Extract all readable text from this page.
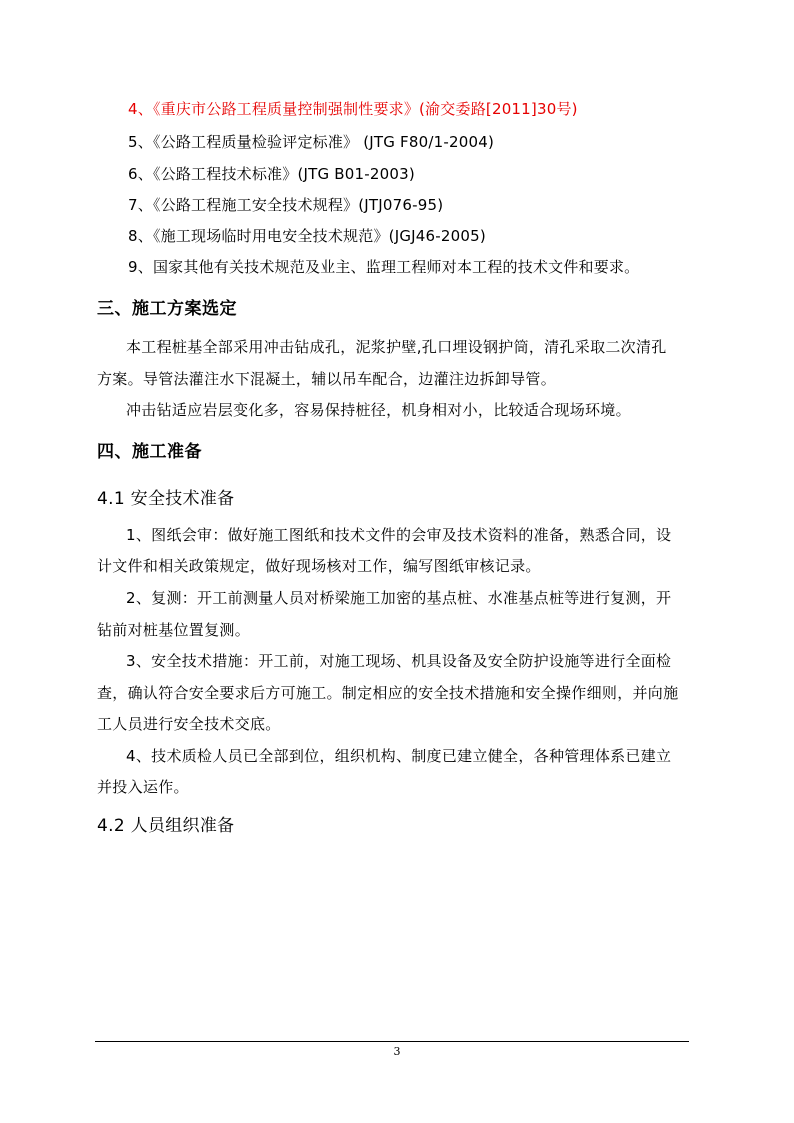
4、《重庆市公路工程质量控制强制性要求》(渝交委路[2011]30号)
5、《公路工程质量检验评定标准》 (JTG F80/1-2004)
6、《公路工程技术标准》(JTG B01-2003)
7、《公路工程施工安全技术规程》(JTJ076-95)
8、《施工现场临时用电安全技术规范》(JGJ46-2005)
9、国家其他有关技术规范及业主、监理工程师对本工程的技术文件和要求。
三、施工方案选定
本工程桩基全部采用冲击钻成孔，泥浆护壁,孔口埋设钢护筒，清孔采取二次清孔
方案。导管法灌注水下混凝土，辅以吊车配合，边灌注边拆卸导管。
冲击钻适应岩层变化多，容易保持桩径，机身相对小，比较适合现场环境。
四、施工准备
4.1 安全技术准备
1、图纸会审：做好施工图纸和技术文件的会审及技术资料的准备，熟悉合同，设
计文件和相关政策规定，做好现场核对工作，编写图纸审核记录。
2、复测：开工前测量人员对桥梁施工加密的基点桩、水准基点桩等进行复测，开
钻前对桩基位置复测。
3、安全技术措施：开工前，对施工现场、机具设备及安全防护设施等进行全面检
查，确认符合安全要求后方可施工。制定相应的安全技术措施和安全操作细则，并向施
工人员进行安全技术交底。
4、技术质检人员已全部到位，组织机构、制度已建立健全，各种管理体系已建立
并投入运作。
4.2 人员组织准备
3
